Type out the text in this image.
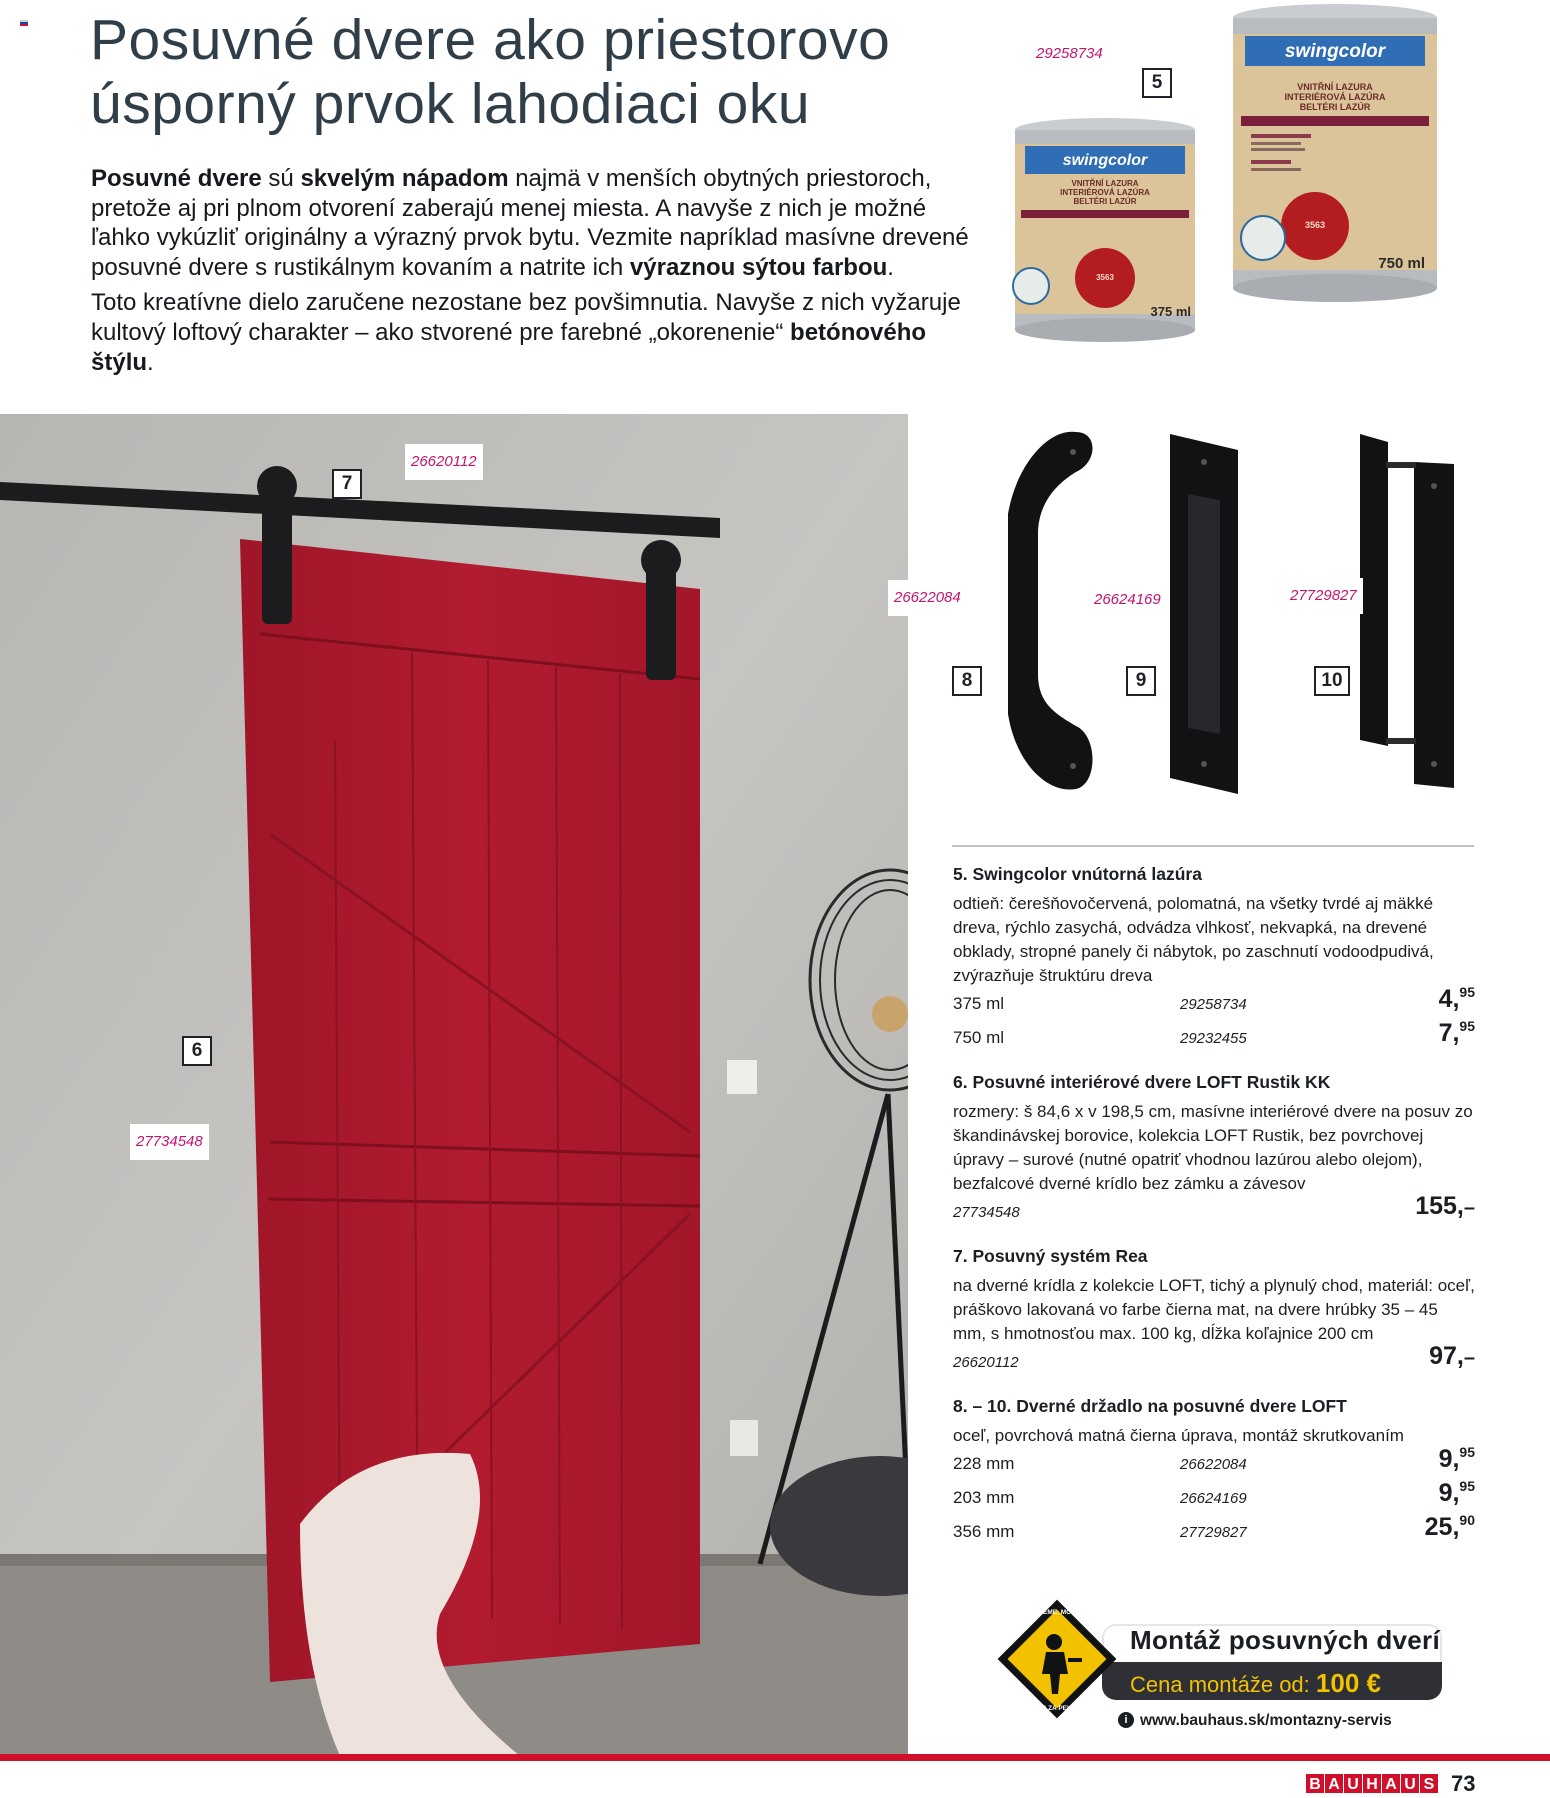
Posuvné dvere ako priestorovo
úsporný prvok lahodiaci oku

Posuvné dvere sú skvelým nápadom najmä v menších obytných priestoroch, pretože aj pri plnom otvorení zaberajú menej miesta. A navyše z nich je možné ľahko vykúzliť originálny a výrazný prvok bytu. Vezmite napríklad masívne drevené posuvné dvere s rustikálnym kovaním a natrite ich výraznou sýtou farbou.

Toto kreatívne dielo zaručene nezostane bez povšimnutia. Navyše z nich vyžaruje kultový loftový charakter – ako stvorené pre farebné „okorenenie“ betónového štýlu.

swingcolor
VNITŘNÍ LAZURA
INTERIÉROVÁ LAZÚRA
BELTÉRI LAZÚR
3563
750 ml
swingcolor
VNITŘNÍ LAZURA
INTERIÉROVÁ LAZÚRA
BELTÉRI LAZÚR
3563
375 ml
29258734
5
7
26620112
6
27734548
26622084
8
26624169
9
27729827
10
5. Swingcolor vnútorná lazúra
odtieň: čerešňovočervená, polomatná, na všetky tvrdé aj mäkké dreva, rýchlo zasychá, odvádza vlhkosť, nekvapká, na drevené obklady, stropné panely či nábytok, po zaschnutí vodoodpudivá, zvýrazňuje štruktúru dreva
375 ml	29258734	4,95
750 ml	29232455	7,95
6. Posuvné interiérové dvere LOFT Rustik KK
rozmery: š 84,6 x v 198,5 cm, masívne interiérové dvere na posuv zo škandinávskej borovice, kolekcia LOFT Rustik, bez povrchovej úpravy – surové (nutné opatriť vhodnou lazúrou alebo olejom), bezfalcové dverné krídlo bez zámku a závesov
27734548	155,–
7. Posuvný systém Rea
na dverné krídla z kolekcie LOFT, tichý a plynulý chod, materiál: oceľ, práškovo lakovaná vo farbe čierna mat, na dvere hrúbky 35 – 45 mm, s hmotnosťou max. 100 kg, dĺžka koľajnice 200 cm
26620112	97,–
8. – 10. Dverné držadlo na posuvné dvere LOFT
oceľ, povrchová matná čierna úprava, montáž skrutkovaním
228 mm	26622084	9,95
203 mm	26624169	9,95
356 mm	27729827	25,90
Montáž posuvných dverí
Cena montáže od: 100 €
i www.bauhaus.sk/montazny-servis
INŠTALUJEME, MONTUJEME
BAUHAUS ZA PEVNÉ CENY
B A U H A U S 73
